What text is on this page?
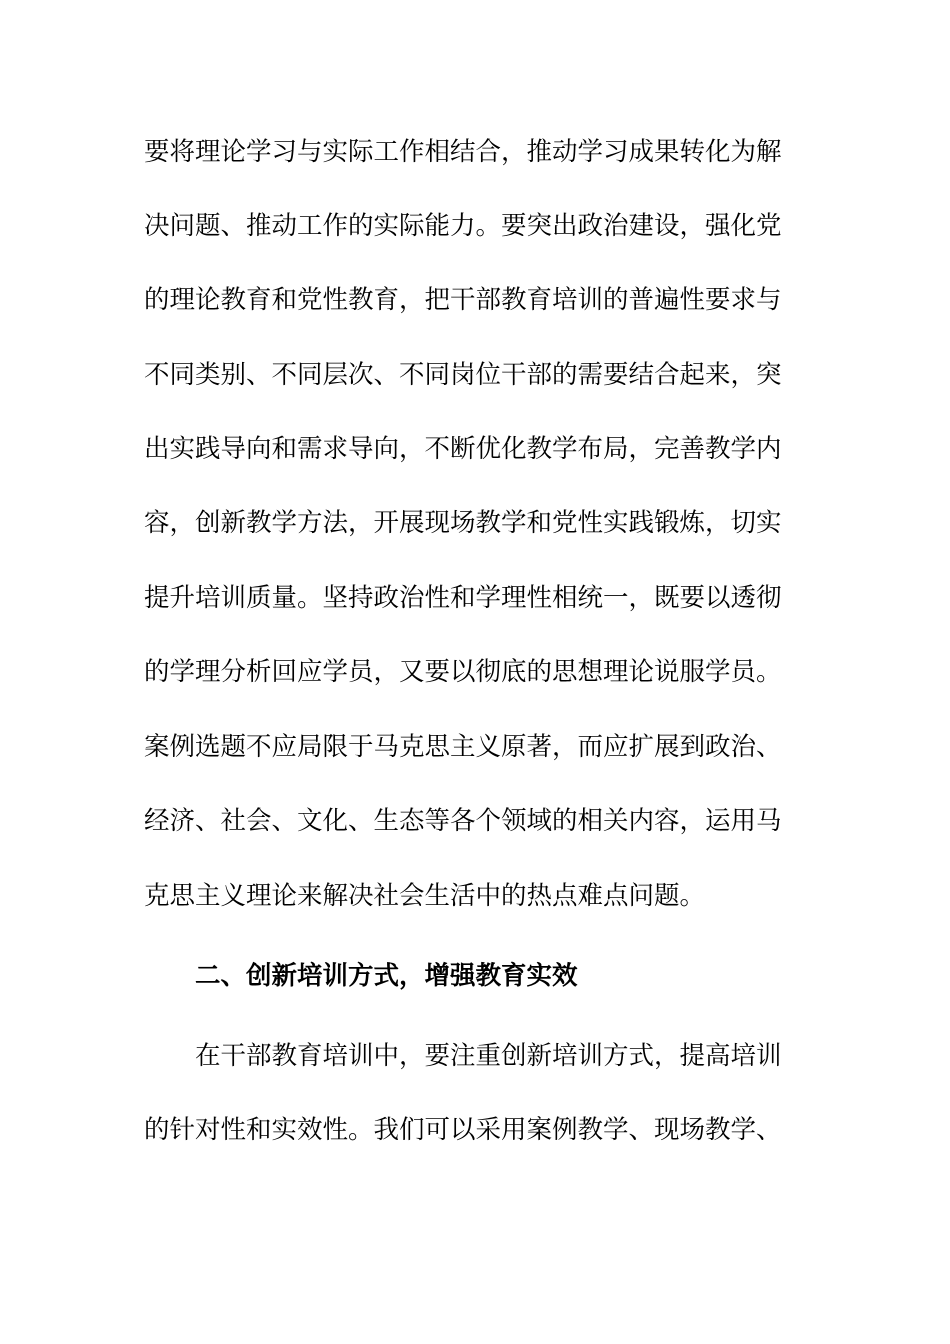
要将理论学习与实际工作相结合，推动学习成果转化为解
决问题、推动工作的实际能力。要突出政治建设，强化党
的理论教育和党性教育，把干部教育培训的普遍性要求与
不同类别、不同层次、不同岗位干部的需要结合起来，突
出实践导向和需求导向，不断优化教学布局，完善教学内
容，创新教学方法，开展现场教学和党性实践锻炼，切实
提升培训质量。坚持政治性和学理性相统一，既要以透彻
的学理分析回应学员，又要以彻底的思想理论说服学员。
案例选题不应局限于马克思主义原著，而应扩展到政治、
经济、社会、文化、生态等各个领域的相关内容，运用马
克思主义理论来解决社会生活中的热点难点问题。
二、创新培训方式，增强教育实效
在干部教育培训中，要注重创新培训方式，提高培训
的针对性和实效性。我们可以采用案例教学、现场教学、
